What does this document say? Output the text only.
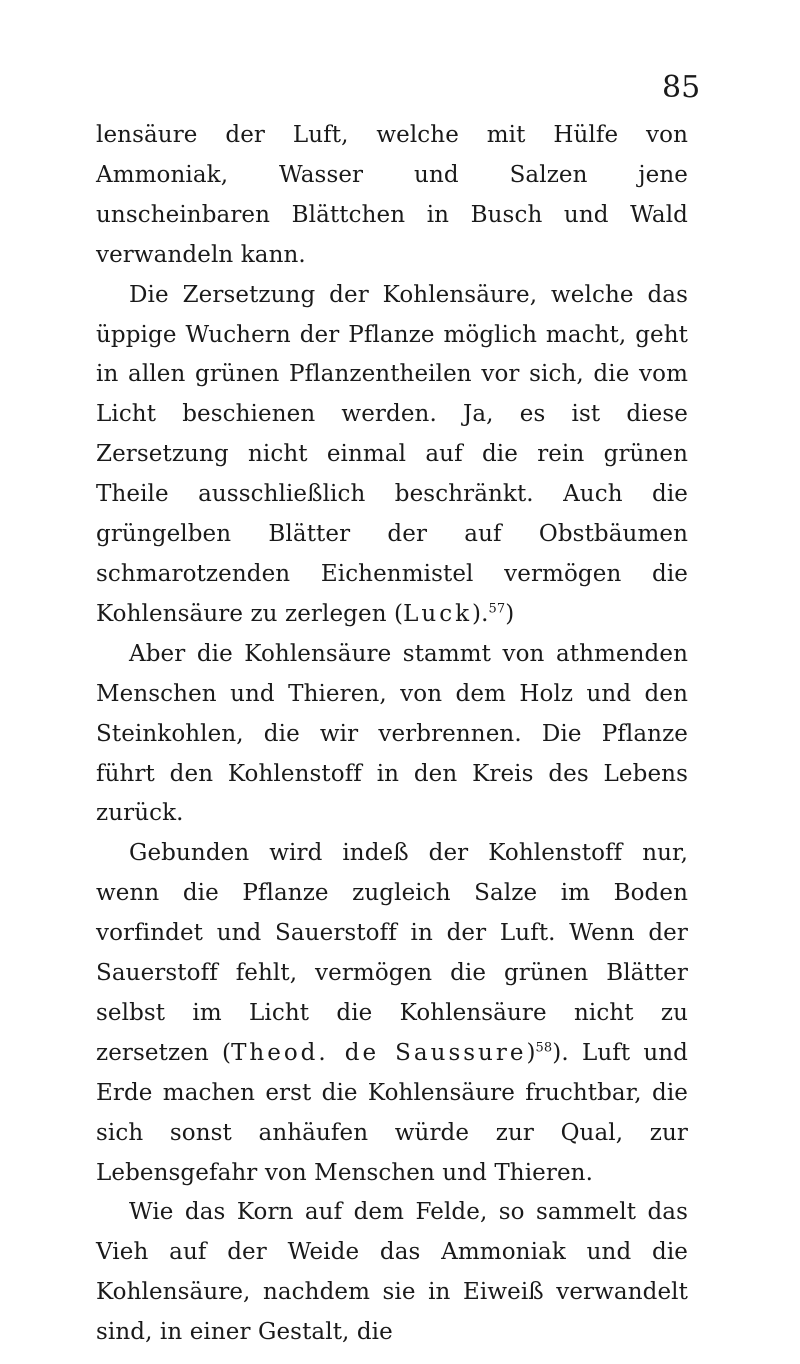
85

lensäure der Luft, welche mit Hülfe von Ammoniak, Wasser und Salzen jene unscheinbaren Blättchen in Busch und Wald verwandeln kann.

Die Zersetzung der Kohlensäure, welche das üppige Wuchern der Pflanze möglich macht, geht in allen grünen Pflanzentheilen vor sich, die vom Licht beschienen werden. Ja, es ist diese Zersetzung nicht einmal auf die rein grünen Theile ausschließlich beschränkt. Auch die grüngelben Blätter der auf Obstbäumen schmarotzenden Eichenmistel vermögen die Kohlensäure zu zerlegen (Luck).$^{57}$)

Aber die Kohlensäure stammt von athmenden Menschen und Thieren, von dem Holz und den Steinkohlen, die wir verbrennen. Die Pflanze führt den Kohlenstoff in den Kreis des Lebens zurück.

Gebunden wird indeß der Kohlenstoff nur, wenn die Pflanze zugleich Salze im Boden vorfindet und Sauerstoff in der Luft. Wenn der Sauerstoff fehlt, vermögen die grünen Blätter selbst im Licht die Kohlensäure nicht zu zersetzen (Theod. de Saussure)$^{58}$). Luft und Erde machen erst die Kohlensäure fruchtbar, die sich sonst anhäufen würde zur Qual, zur Lebensgefahr von Menschen und Thieren.

Wie das Korn auf dem Felde, so sammelt das Vieh auf der Weide das Ammoniak und die Kohlensäure, nachdem sie in Eiweiß verwandelt sind, in einer Gestalt, die
